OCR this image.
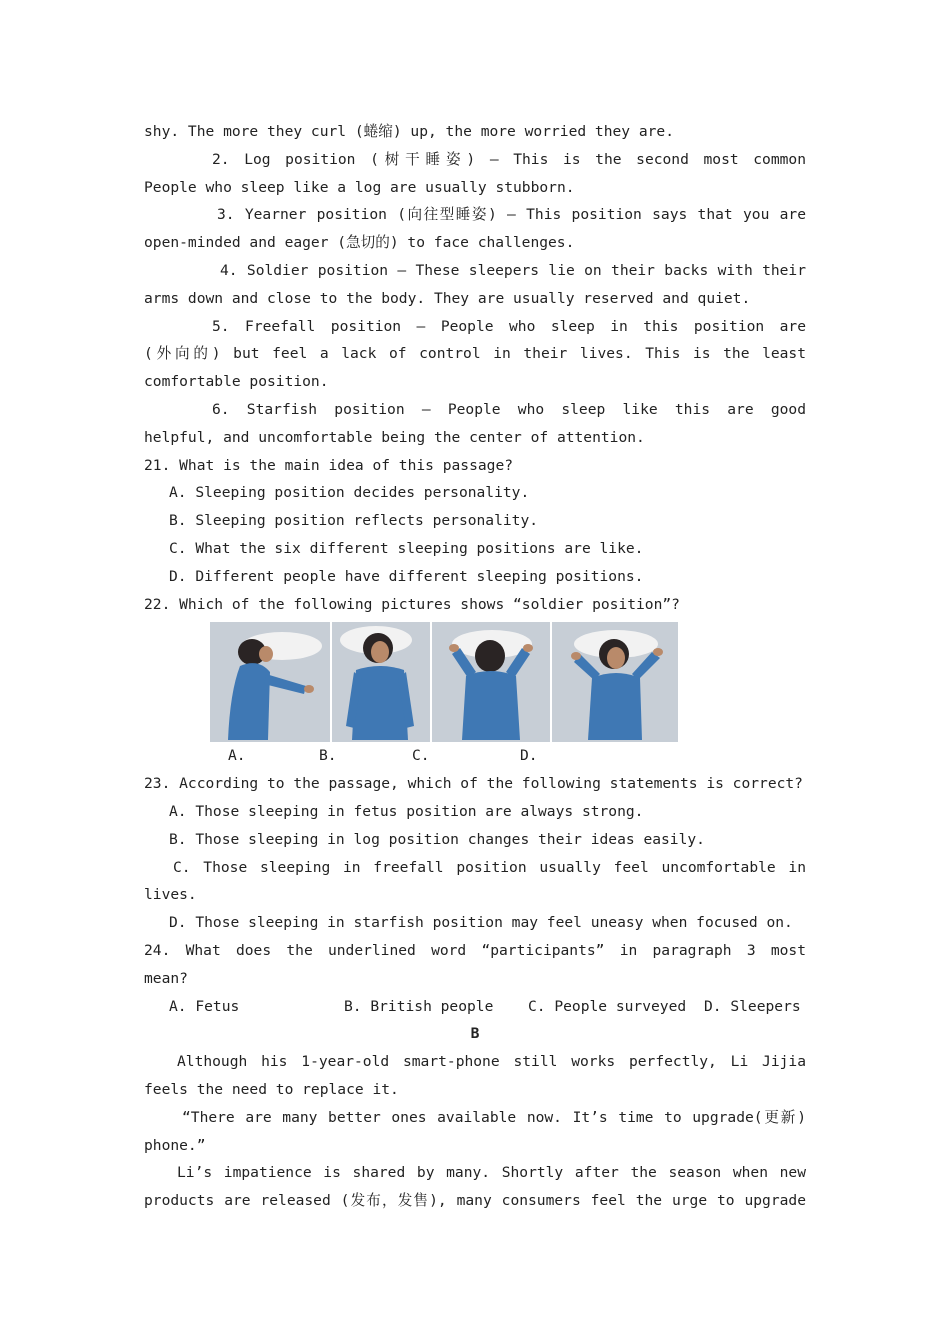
shy. The more they curl (蜷缩) up, the more worried they are.
2. Log position (树干睡姿) – This is the second most common
People who sleep like a log are usually stubborn.
3. Yearner position (向往型睡姿) – This position says that you are
open-minded and eager (急切的) to face challenges.
4. Soldier position – These sleepers lie on their backs with their
arms down and close to the body. They are usually reserved and quiet.
5. Freefall position – People who sleep in this position are
(外向的) but feel a lack of control in their lives. This is the least
comfortable position.
6. Starfish position – People who sleep like this are good
helpful, and uncomfortable being the center of attention.
21. What is the main idea of this passage?
A. Sleeping position decides personality.
B. Sleeping position reflects personality.
C. What the six different sleeping positions are like.
D. Different people have different sleeping positions.
22. Which of the following pictures shows “soldier position”?
A.	B.	C.	D.
23. According to the passage, which of the following statements is correct?
A. Those sleeping in fetus position are always strong.
B. Those sleeping in log position changes their ideas easily.
C. Those sleeping in freefall position usually feel uncomfortable in
lives.
D. Those sleeping in starfish position may feel uneasy when focused on.
24. What does the underlined word “participants” in paragraph 3 most
mean?
A. Fetus	B. British people C. People surveyed D. Sleepers
B
Although his 1-year-old smart-phone still works perfectly, Li Jijia
feels the need to replace it.
“There are many better ones available now. It’s time to upgrade(更新)
phone.”
Li’s impatience is shared by many. Shortly after the season when new
products are released (发布，发售), many consumers feel the urge to upgrade
